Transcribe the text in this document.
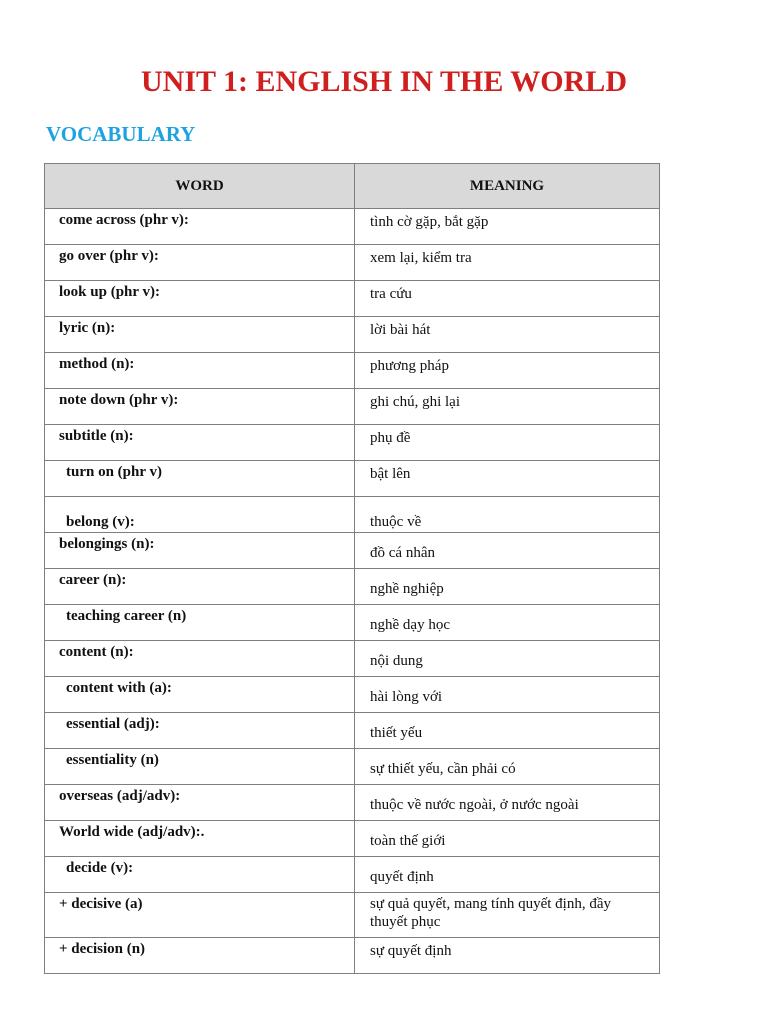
UNIT 1: ENGLISH IN THE WORLD
VOCABULARY
WORD	MEANING
come across (phr v):	tình cờ gặp, bắt gặp
go over (phr v):	xem lại, kiểm tra
look up (phr v):	tra cứu
lyric (n):	lời bài hát
method (n):	phương pháp
note down (phr v):	ghi chú, ghi lại
subtitle (n):	phụ đề
turn on (phr v)	bật lên
belong (v):	thuộc về
belongings (n):	đồ cá nhân
career (n):	nghề nghiệp
teaching career (n)	nghề dạy học
content (n):	nội dung
content with (a):	hài lòng với
essential (adj):	thiết yếu
essentiality (n)	sự thiết yếu, cần phải có
overseas (adj/adv):	thuộc về nước ngoài, ở nước ngoài
World wide (adj/adv):.	toàn thế giới
decide (v):	quyết định
+ decisive (a)	sự quả quyết, mang tính quyết định, đầy thuyết phục
+ decision (n)	sự quyết định
